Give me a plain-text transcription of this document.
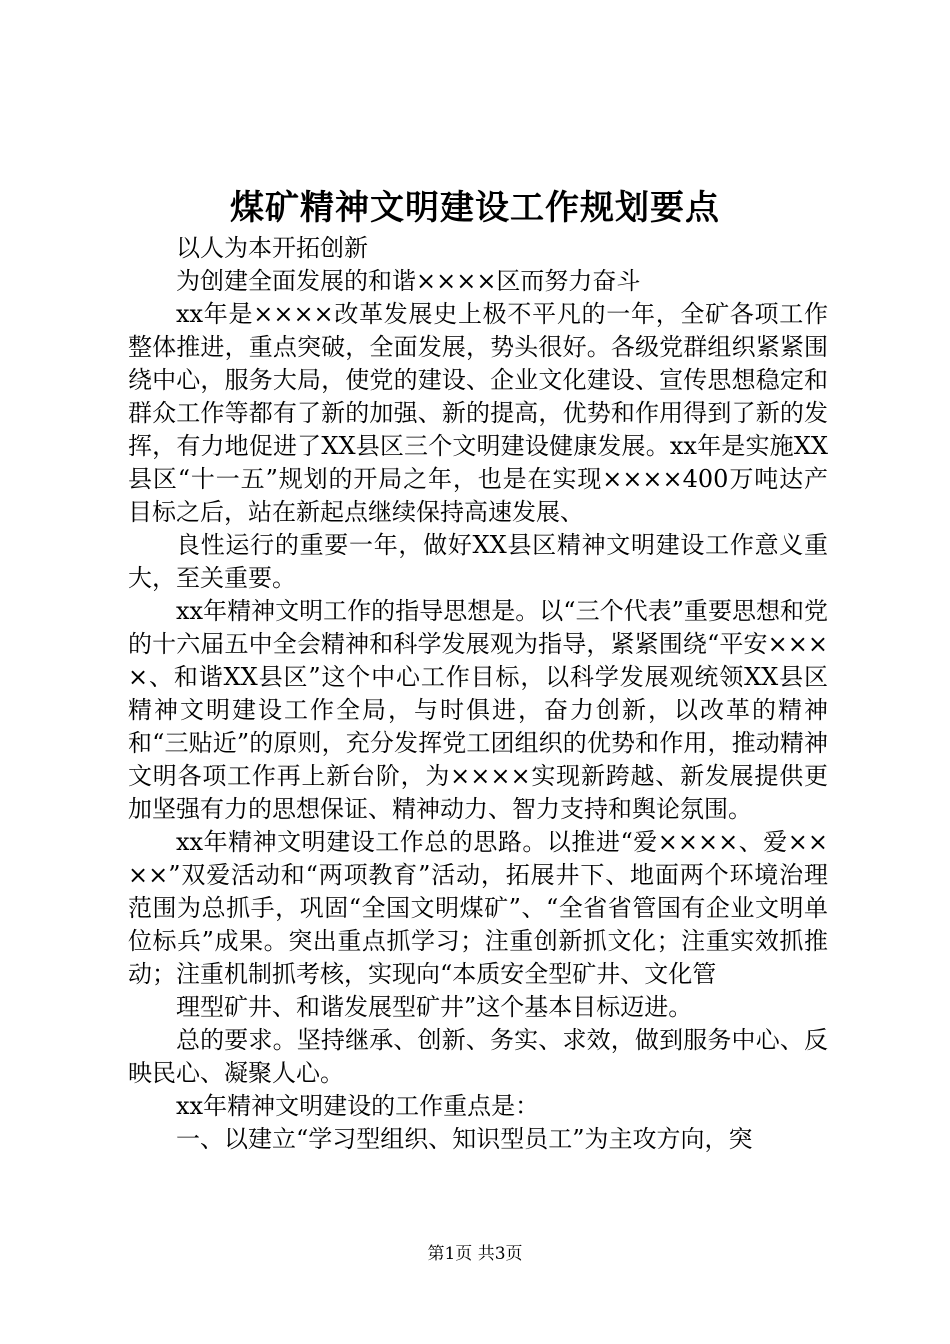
煤矿精神文明建设工作规划要点

以人为本开拓创新

为创建全面发展的和谐××××区而努力奋斗

xx年是××××改革发展史上极不平凡的一年，全矿各项工作整体推进，重点突破，全面发展，势头很好。各级党群组织紧紧围绕中心，服务大局，使党的建设、企业文化建设、宣传思想稳定和群众工作等都有了新的加强、新的提高，优势和作用得到了新的发挥，有力地促进了XX县区三个文明建设健康发展。xx年是实施XX县区“十一五”规划的开局之年，也是在实现××××400万吨达产目标之后，站在新起点继续保持高速发展、

良性运行的重要一年，做好XX县区精神文明建设工作意义重大，至关重要。

xx年精神文明工作的指导思想是。以“三个代表”重要思想和党的十六届五中全会精神和科学发展观为指导，紧紧围绕“平安××××、和谐XX县区”这个中心工作目标，以科学发展观统领XX县区精神文明建设工作全局，与时俱进，奋力创新，以改革的精神和“三贴近”的原则，充分发挥党工团组织的优势和作用，推动精神文明各项工作再上新台阶，为××××实现新跨越、新发展提供更加坚强有力的思想保证、精神动力、智力支持和舆论氛围。

xx年精神文明建设工作总的思路。以推进“爱××××、爱××××”双爱活动和“两项教育”活动，拓展井下、地面两个环境治理范围为总抓手，巩固“全国文明煤矿”、“全省省管国有企业文明单位标兵”成果。突出重点抓学习；注重创新抓文化；注重实效抓推动；注重机制抓考核，实现向“本质安全型矿井、文化管

理型矿井、和谐发展型矿井”这个基本目标迈进。

总的要求。坚持继承、创新、务实、求效，做到服务中心、反映民心、凝聚人心。

xx年精神文明建设的工作重点是：

一、以建立“学习型组织、知识型员工”为主攻方向，突

第1页 共3页
